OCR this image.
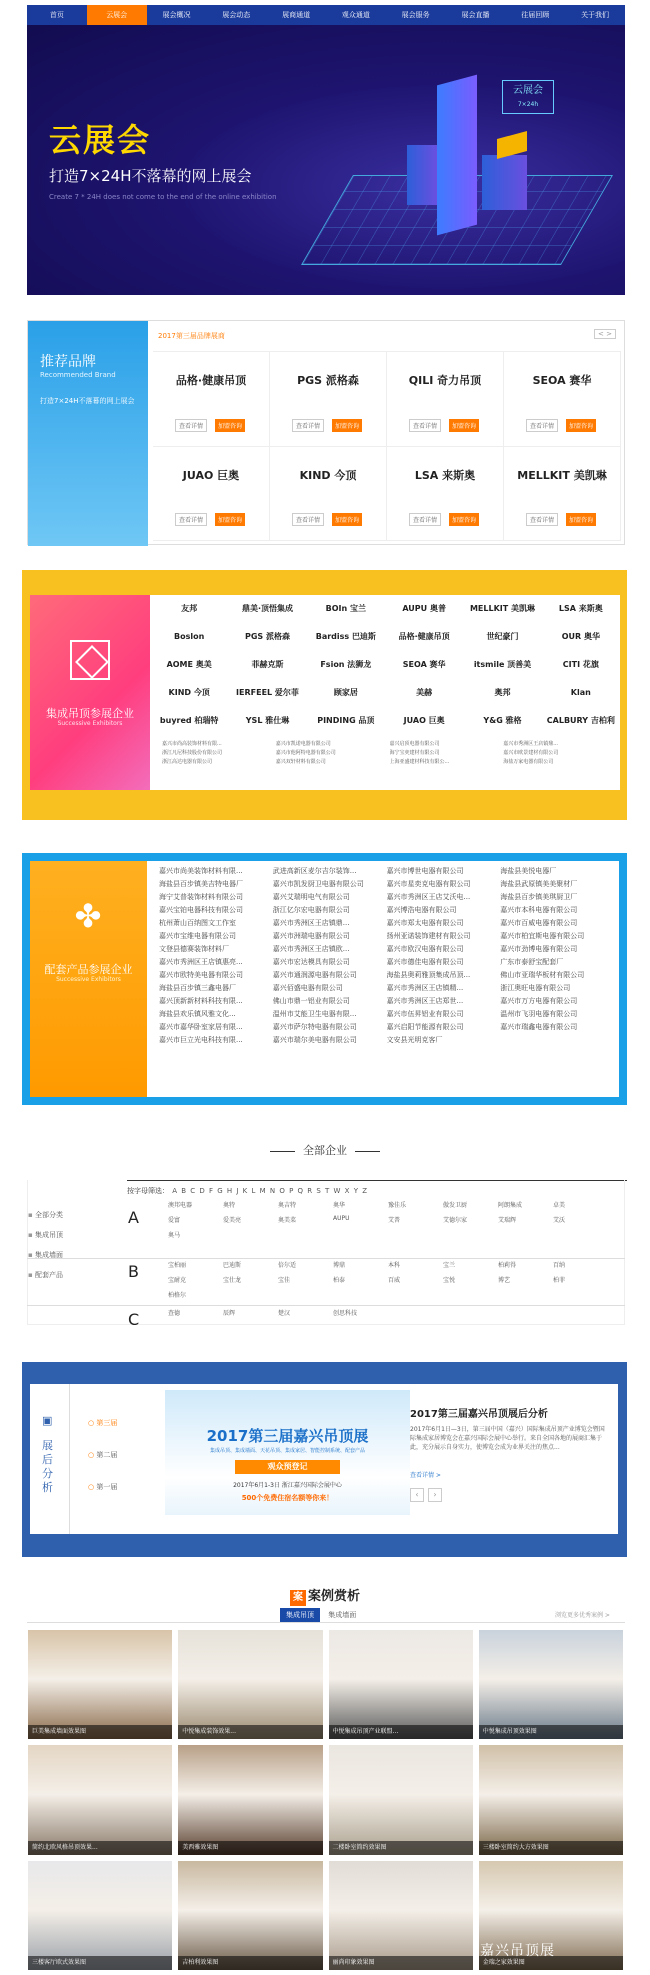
首页	云展会	展会概况	展会动态	展商通道	观众通道	展会服务	展会直播	往届回顾	关于我们
云展会
7×24h
云展会
打造7×24H不落幕的网上展会
Create 7 * 24H does not come to the end of the online exhibition
推荐品牌
Recommended Brand
打造7×24H不落幕的网上展会
2017第三届品牌展商	< >
品格·健康吊顶
查看详情	加盟咨询
PGS 派格森
查看详情	加盟咨询
QILI 奇力吊顶
查看详情	加盟咨询
SEOA 赛华
查看详情	加盟咨询
JUAO 巨奥
查看详情	加盟咨询
KIND 今顶
查看详情	加盟咨询
LSA 来斯奥
查看详情	加盟咨询
MELLKIT 美凯琳
查看详情	加盟咨询
集成吊顶参展企业
Successive Exhibitors
友邦	鼎美·顶悟集成	BOIn 宝兰	AUPU 奥普	MELLKIT 美凯琳	LSA 来斯奥
Boslon	PGS 派格森	Bardiss 巴迪斯	品格·健康吊顶	世纪豪门	OUR 奥华
AOME 奥美	菲赫克斯	Fsion 法狮龙	SEOA 赛华	itsmile 顶善美	CITI 花旗
KIND 今顶	IERFEEL 爱尔菲	顾家居	美赫	奥邦	Klan
buyred 柏瑞特	YSL 雅仕琳	PINDING 品顶	JUAO 巨奥	Y&G 雅格	CALBURY 吉柏利
嘉兴市尚高装饰材料有限...	嘉兴市凯诺电器有限公司	嘉兴启顶电器有限公司	嘉兴市秀洲区王店镇鼎...
浙江凡尼科技股份有限公司	嘉兴市他阿特电器有限公司	海宁宝奕建材有限公司	嘉兴市欧景建材有限公司
浙江高达电器有限公司	嘉兴双轩材料有限公司	上海亚盛建材科技有限公...	海盐万家电器有限公司
✤
配套产品参展企业
Successive Exhibitors
嘉兴市尚美装饰材料有限...	武进高新区麦尔吉尔装饰...	嘉兴市博世电器有限公司	海盐县美悦电器厂
海盐县百步镇美吉特电器厂	嘉兴市凯发厨卫电器有限公司	嘉兴市星奕克电器有限公司	海盐县武原镇美美聚材厂
海宁艾普装饰材料有限公司	嘉兴艾瑞明电气有限公司	嘉兴市秀洲区王店艾沃电...	海盐县百步镇美琪厨卫厂
嘉兴宝铂电器科技有限公司	浙江亿尔宏电器有限公司	嘉兴博浩电器有限公司	嘉兴市本科电器有限公司
杭州萧山百纳图文工作室	嘉兴市秀洲区王店镇鼎...	嘉兴市郑太电器有限公司	嘉兴市百威电器有限公司
嘉兴市宝维电器有限公司	嘉兴市洲瑞电器有限公司	扬州亚诺装饰建材有限公司	嘉兴市柏宜斯电器有限公司
文登县德赛装饰材料厂	嘉兴市秀洲区王店镇欧...	嘉兴市欧汉电器有限公司	嘉兴市劲博电器有限公司
嘉兴市秀洲区王店镇惠亮...	嘉兴市宏达模具有限公司	嘉兴市德佳电器有限公司	广东市泰舒宝配套厂
嘉兴市欧特美电器有限公司	嘉兴市通润源电器有限公司	海盐县奥莉雅顶集成吊顶...	佛山市亚瑞华板材有限公司
海盐县百步镇三鑫电器厂	嘉兴佰盛电器有限公司	嘉兴市秀洲区王店镇精...	浙江奥旺电器有限公司
嘉兴顶新新材料科技有限...	佛山市鼎一铝业有限公司	嘉兴市秀洲区王店郑世...	嘉兴市万方电器有限公司
海盐县欢乐镇风雅文化...	温州市艾能卫生电器有限...	嘉兴市伍昇铝业有限公司	温州市飞羽电器有限公司
嘉兴市嘉华卧室家居有限...	嘉兴市萨尔特电器有限公司	嘉兴启阳节能源有限公司	嘉兴市瑞鑫电器有限公司
嘉兴市巨立光电科技有限...	嘉兴市瑞尔美电器有限公司	文安县光明克客厂
全部企业
按字母筛选： A B C D F G H J K L M N O P Q R S T W X Y Z
▪ 全部分类
▪ 集成吊顶
▪ 集成墙面
▪ 配套产品
A
澳邦电器	奥特	奥吉特	奥华	豫佳乐	傲发卫厨	阿朗集成	卓美
爱富	爱美亮	奥美菜	AUPU	艾普	艾德尔家	艾瑞辉	艾沃
奥马
B	宝柏丽	巴迪斯	倍尔适	博鼎	本科	宝兰	柏莉得	百纳
宝耐克	宝仕龙	宝佳	柏泰	百威	宝悦	博艺	柏菲
柏格尔
C	查德	辰辉	楚汉	创思科技
▣
展后分析
○ 第三届
○ 第二届
○ 第一届
2017第三届嘉兴吊顶展
集成吊顶、集成墙面、天花吊顶、集成家居、智能控制系统、配套产品
观众预登记
2017年6月1-3日 浙江嘉兴国际会展中心
500个免费住宿名额等你来！
2017第三届嘉兴吊顶展后分析
2017年6月1日—3日，第三届中国（嘉兴）国际集成吊顶产业博览会暨国际集成家居博览会在嘉兴国际会展中心举行。来自全国各地的展商汇集于此，充分展示自身实力，使博览会成为业界关注的焦点...
查看详情 >
‹	›
案 案例赏析
集成吊顶 集成墙面	浏览更多优秀案例 >
巨美集成墙面效果图	中悦集成装饰效果...	中悦集成吊顶产业联盟...	中悦集成吊顶效果图
简约北欧风格吊顶效果...	美西雅效果图	二楼卧室简约效果图	三楼卧室简约大方效果图
三楼客厅欧式效果图	吉柏利效果图	丽尚印象效果图	金瑞之家效果图
嘉兴吊顶展
